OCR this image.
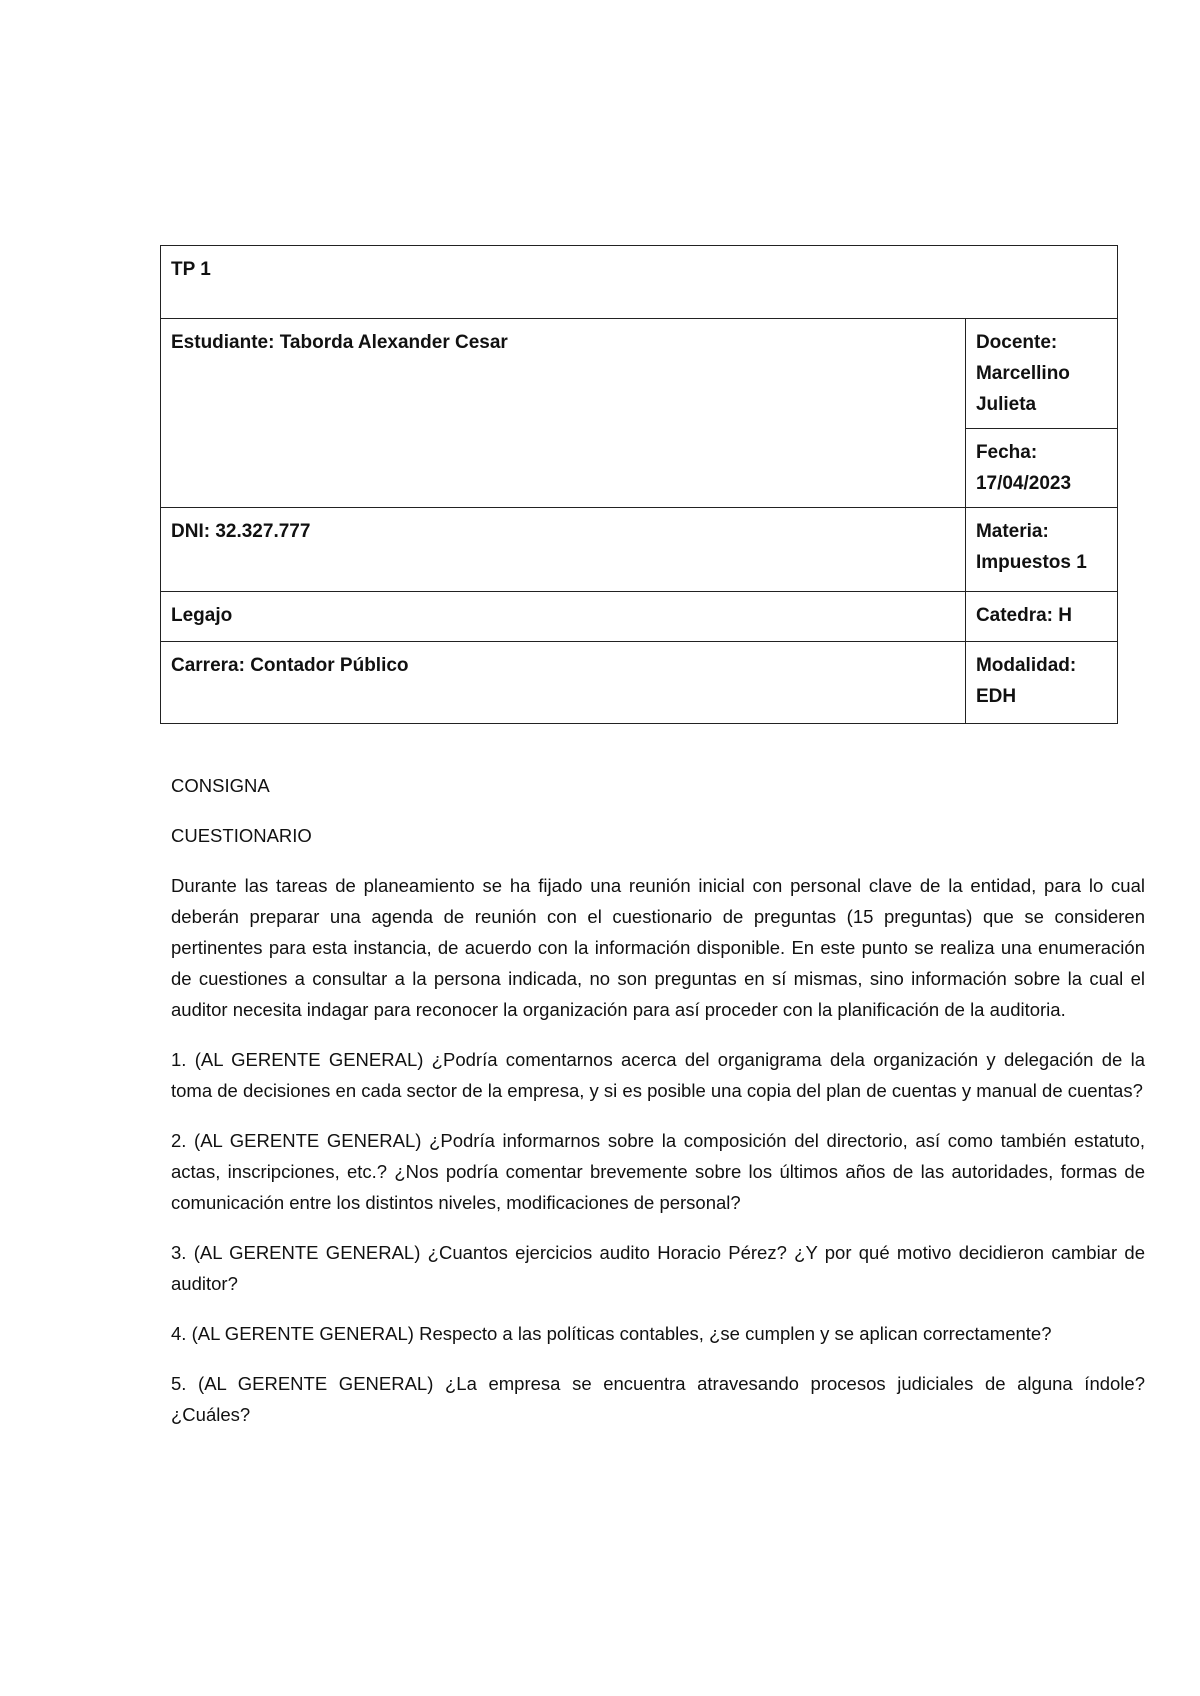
TP 1	
Estudiante: Taborda Alexander Cesar	Docente:
Marcellino
Julieta

	Fecha:
17/04/2023

DNI: 32.327.777	Materia:
Impuestos 1

Legajo	Catedra: H
Carrera: Contador Público	Modalidad:
EDH

CONSIGNA

CUESTIONARIO

Durante las tareas de planeamiento se ha fijado una reunión inicial con personal clave de la entidad, para lo cual deberán preparar una agenda de reunión con el cuestionario de preguntas (15 preguntas) que se consideren pertinentes para esta instancia, de acuerdo con la información disponible. En este punto se realiza una enumeración de cuestiones a consultar a la persona indicada, no son preguntas en sí mismas, sino información sobre la cual el auditor necesita indagar para reconocer la organización para así proceder con la planificación de la auditoria.

1. (AL GERENTE GENERAL) ¿Podría comentarnos acerca del organigrama dela organización y delegación de la toma de decisiones en cada sector de la empresa, y si es posible una copia del plan de cuentas y manual de cuentas?

2. (AL GERENTE GENERAL) ¿Podría informarnos sobre la composición del directorio, así como también estatuto, actas, inscripciones, etc.? ¿Nos podría comentar brevemente sobre los últimos años de las autoridades, formas de comunicación entre los distintos niveles, modificaciones de personal?

3. (AL GERENTE GENERAL) ¿Cuantos ejercicios audito Horacio Pérez? ¿Y por qué motivo decidieron cambiar de auditor?

4. (AL GERENTE GENERAL) Respecto a las políticas contables, ¿se cumplen y se aplican correctamente?

5. (AL GERENTE GENERAL) ¿La empresa se encuentra atravesando procesos judiciales de alguna índole? ¿Cuáles?
